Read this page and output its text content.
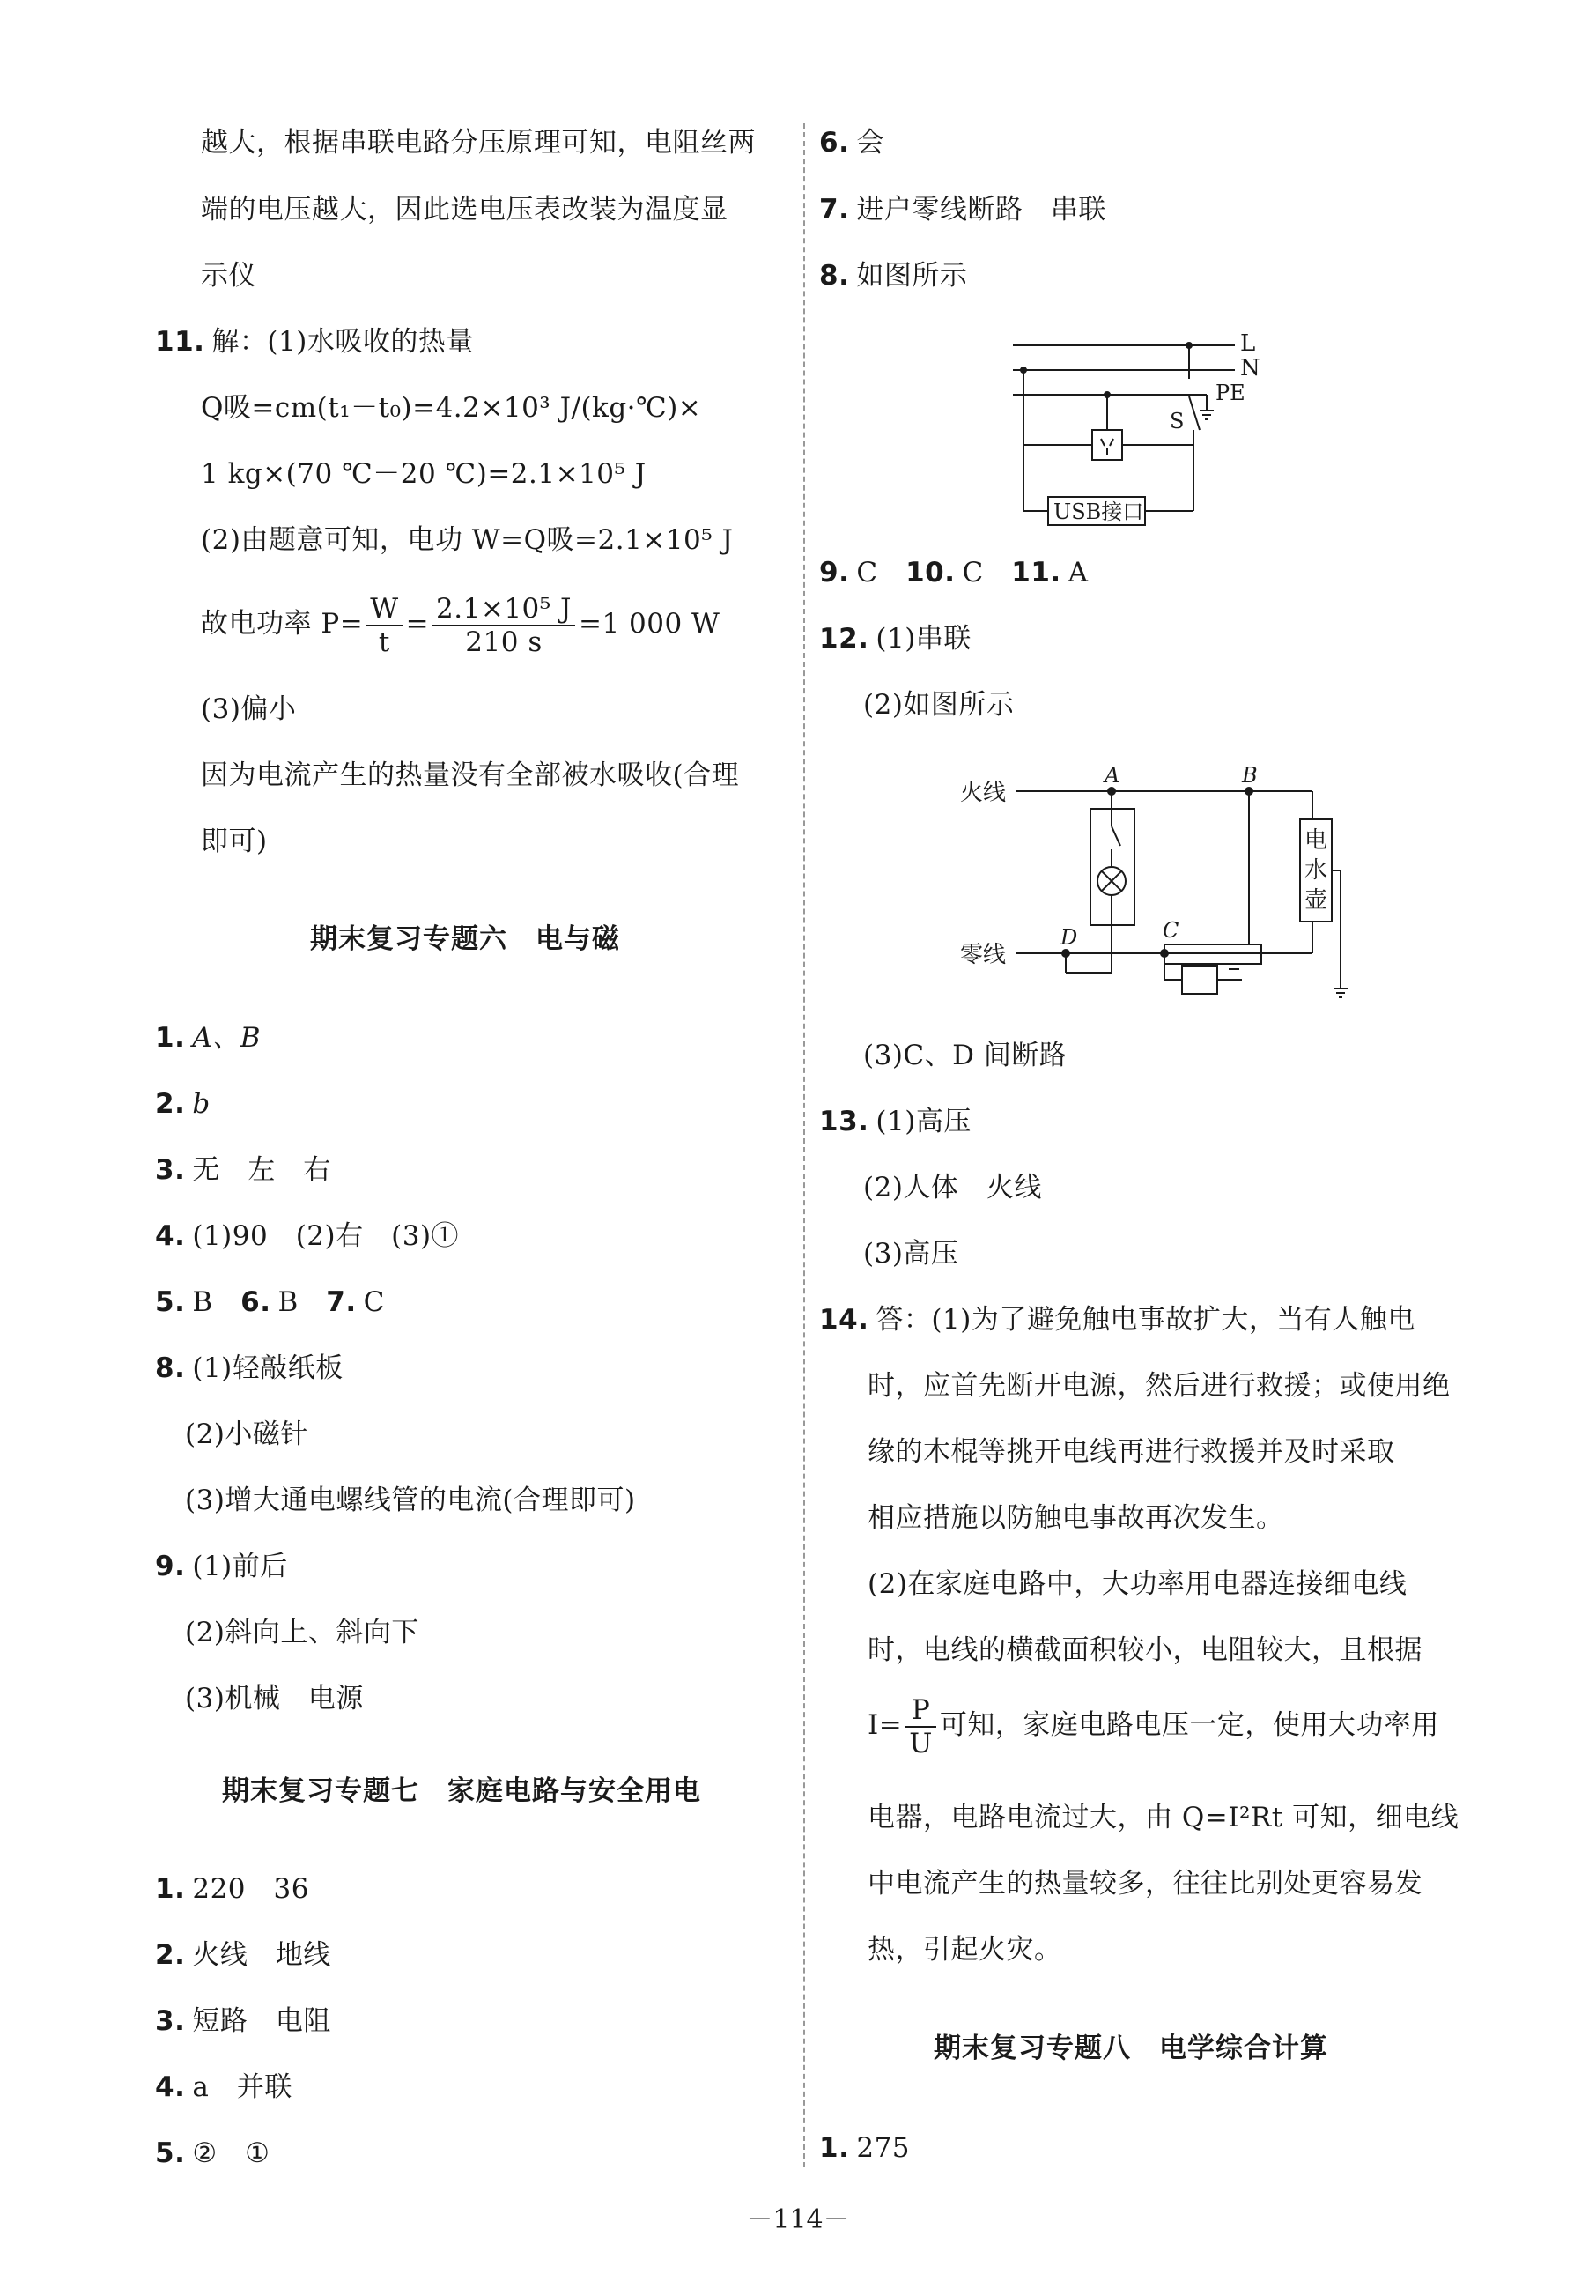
越大，根据串联电路分压原理可知，电阻丝两
端的电压越大，因此选电压表改装为温度显
示仪
11. 解：(1)水吸收的热量
Q吸=cm(t₁－t₀)=4.2×10³ J/(kg·℃)×
1 kg×(70 ℃－20 ℃)=2.1×10⁵ J
(2)由题意可知，电功 W=Q吸=2.1×10⁵ J
故电功率 $P= \frac{W}{t} = \frac{\text{2.1×10⁵ J}}{210 s} =1$ 000 W
(3)偏小
因为电流产生的热量没有全部被水吸收(合理
即可)
期末复习专题六　电与磁
1. A、B
2. b
3. 无　左　右
4. (1)90　(2)右　(3)①
5. B　6. B　7. C
8. (1)轻敲纸板
(2)小磁针
(3)增大通电螺线管的电流(合理即可)
9. (1)前后
(2)斜向上、斜向下
(3)机械　电源
期末复习专题七　家庭电路与安全用电
1. 220　36
2. 火线　地线
3. 短路　电阻
4. a　并联
5. ②　①
6. 会
7. 进户零线断路　串联
8. 如图所示
L
N
PE
S
USB接口
9. C　10. C　11. A
12. (1)串联
(2)如图所示
火线
零线
A	B
D	C
电
水
壶
(3)C、D 间断路
13. (1)高压
(2)人体　火线
(3)高压
14. 答：(1)为了避免触电事故扩大，当有人触电
时，应首先断开电源，然后进行救援；或使用绝
缘的木棍等挑开电线再进行救援并及时采取
相应措施以防触电事故再次发生。
(2)在家庭电路中，大功率用电器连接细电线
时，电线的横截面积较小，电阻较大，且根据
$I= \frac{P}{U}$ 可知，家庭电路电压一定，使用大功率用
电器，电路电流过大，由 Q=I²Rt 可知，细电线
中电流产生的热量较多，往往比别处更容易发
热，引起火灾。
期末复习专题八　电学综合计算
1. 275
－114－
